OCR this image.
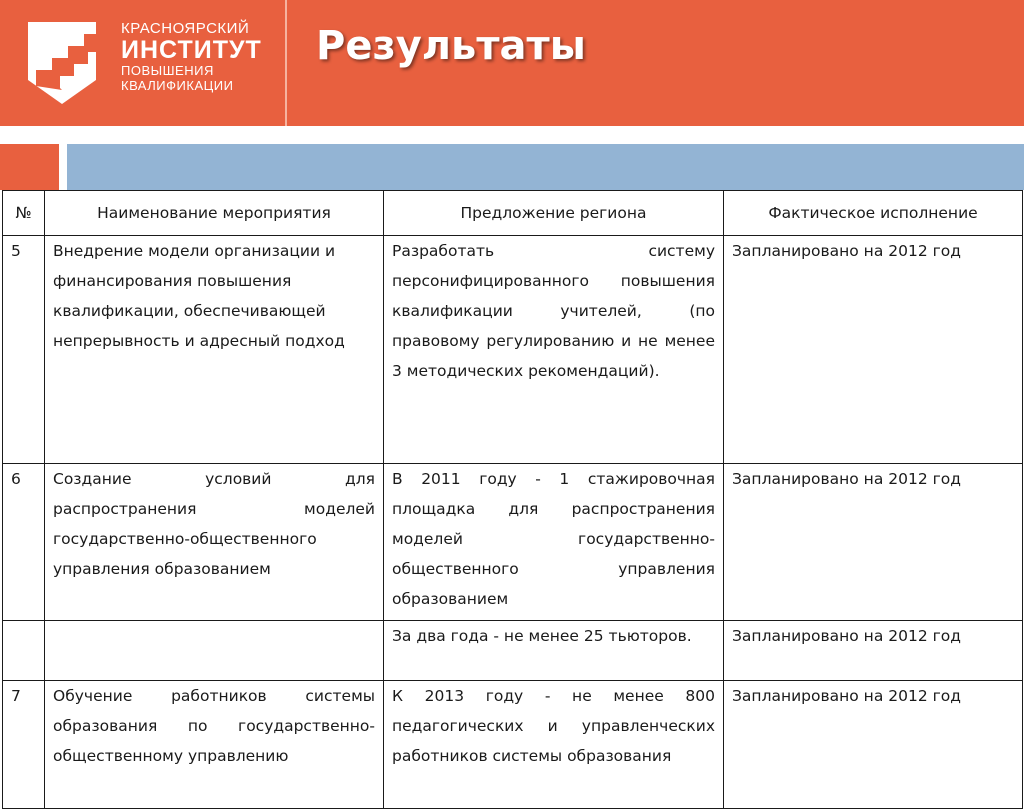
КРАСНОЯРСКИЙ
ИНСТИТУТ
ПОВЫШЕНИЯ
КВАЛИФИКАЦИИ
Результаты
№	Наименование мероприятия	Предложение региона	Фактическое исполнение
5	Внедрение модели организации и финансирования повышения квалификации, обеспечивающей непрерывность и адресный подход	Разработать систему персонифицированного повышения квалификации учителей, (по правовому регулированию и не менее 3 методических рекомендаций).	Запланировано на 2012 год
6	Создание условий для распространения моделей государственно-общественного управления образованием	В 2011 году - 1 стажировочная площадка для распространения моделей государственно-общественного управления образованием	Запланировано на 2012 год
		За два года - не менее 25 тьюторов.	Запланировано на 2012 год
7	Обучение работников системы образования по государственно-общественному управлению	К 2013 году - не менее 800 педагогических и управленческих работников системы образования	Запланировано на 2012 год
